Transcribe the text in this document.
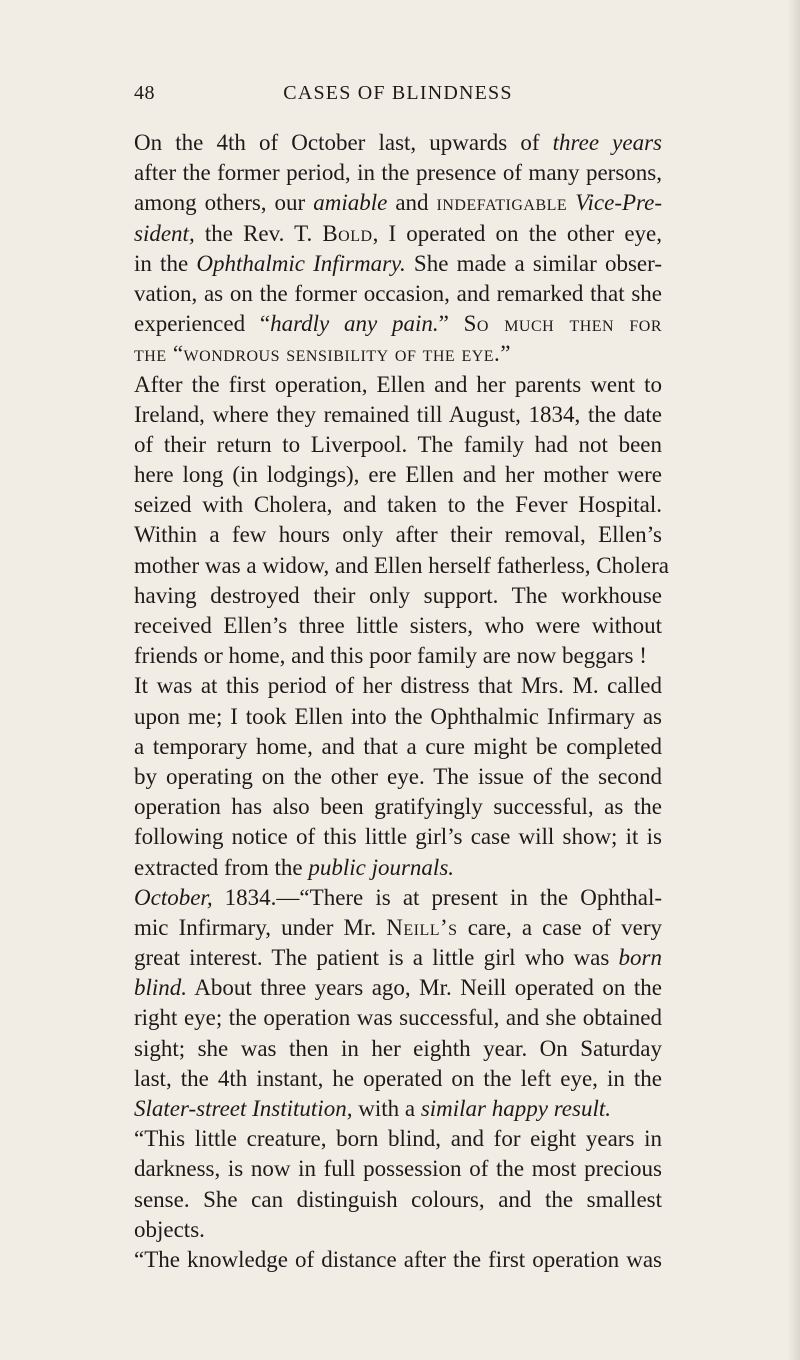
48	CASES OF BLINDNESS
On the 4th of October last, upwards of three years
after the former period, in the presence of many persons,
among others, our amiable and indefatigable Vice-Pre-
sident, the Rev. T. Bold, I operated on the other eye,
in the Ophthalmic Infirmary. She made a similar obser-
vation, as on the former occasion, and remarked that she
experienced “hardly any pain.” So much then for
the “wondrous sensibility of the eye.”
After the first operation, Ellen and her parents went to
Ireland, where they remained till August, 1834, the date
of their return to Liverpool. The family had not been
here long (in lodgings), ere Ellen and her mother were
seized with Cholera, and taken to the Fever Hospital.
Within a few hours only after their removal, Ellen’s
mother was a widow, and Ellen herself fatherless, Cholera
having destroyed their only support. The workhouse
received Ellen’s three little sisters, who were without
friends or home, and this poor family are now beggars !
It was at this period of her distress that Mrs. M. called
upon me; I took Ellen into the Ophthalmic Infirmary as
a temporary home, and that a cure might be completed
by operating on the other eye. The issue of the second
operation has also been gratifyingly successful, as the
following notice of this little girl’s case will show; it is
extracted from the public journals.
October, 1834.—“There is at present in the Ophthal-
mic Infirmary, under Mr. Neill’s care, a case of very
great interest. The patient is a little girl who was born
blind. About three years ago, Mr. Neill operated on the
right eye; the operation was successful, and she obtained
sight; she was then in her eighth year. On Saturday
last, the 4th instant, he operated on the left eye, in the
Slater-street Institution, with a similar happy result.
“This little creature, born blind, and for eight years in
darkness, is now in full possession of the most precious
sense. She can distinguish colours, and the smallest
objects.
“The knowledge of distance after the first operation was
